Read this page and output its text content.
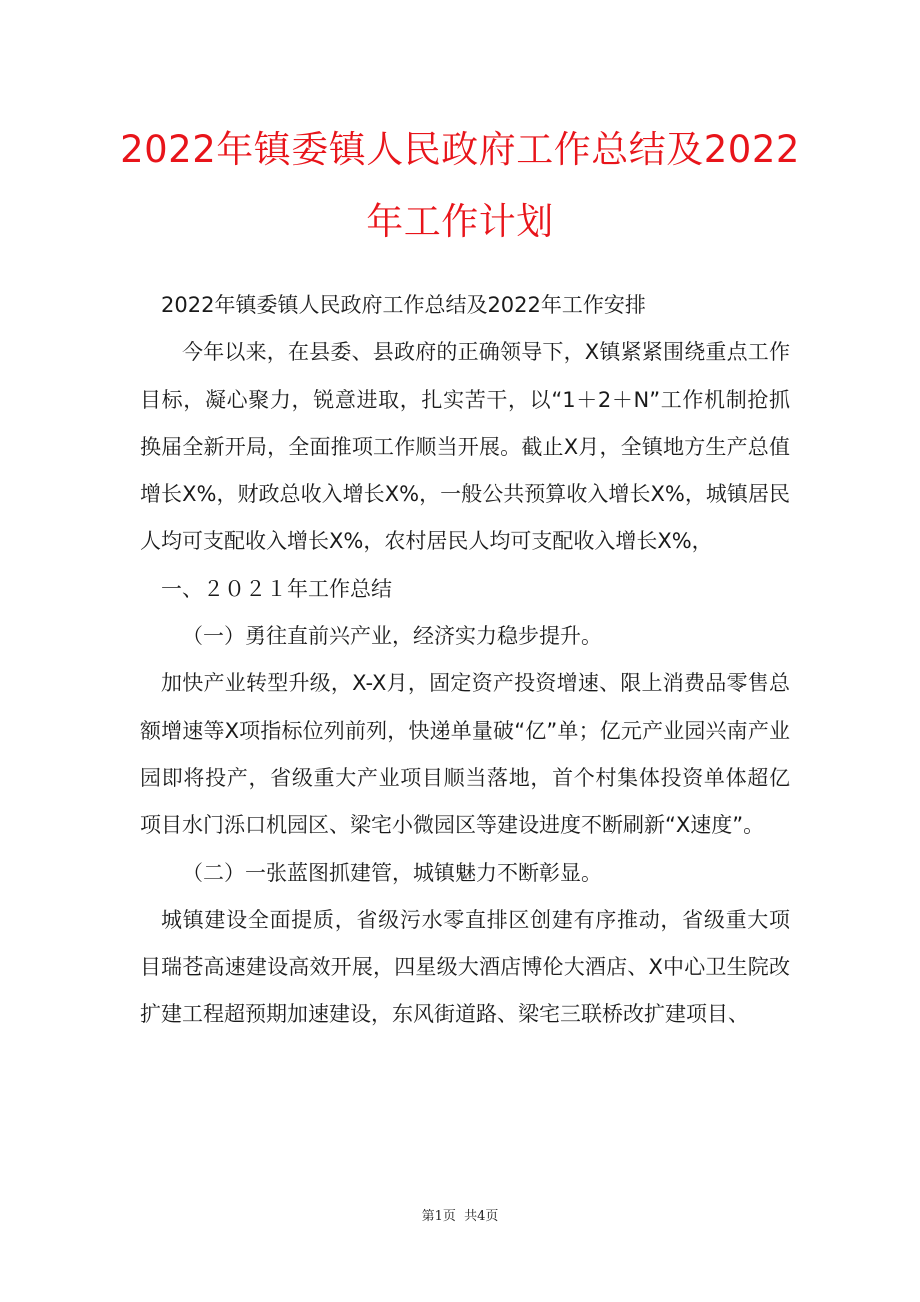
2022年镇委镇人民政府工作总结及2022
年工作计划

2022年镇委镇人民政府工作总结及2022年工作安排

今年以来，在县委、县政府的正确领导下，X镇紧紧围绕重点工作目标，凝心聚力，锐意进取，扎实苦干，以“1＋2＋N”工作机制抢抓换届全新开局，全面推项工作顺当开展。截止X月，全镇地方生产总值增长X%，财政总收入增长X%，一般公共预算收入增长X%，城镇居民人均可支配收入增长X%，农村居民人均可支配收入增长X%，

一、２０２１年工作总结

（一）勇往直前兴产业，经济实力稳步提升。

加快产业转型升级，X-X月，固定资产投资增速、限上消费品零售总额增速等X项指标位列前列，快递单量破“亿”单；亿元产业园兴南产业园即将投产，省级重大产业项目顺当落地，首个村集体投资单体超亿项目水门泺口机园区、梁宅小微园区等建设进度不断刷新“X速度”。

（二）一张蓝图抓建管，城镇魅力不断彰显。

城镇建设全面提质，省级污水零直排区创建有序推动，省级重大项目瑞苍高速建设高效开展，四星级大酒店博伦大酒店、X中心卫生院改扩建工程超预期加速建设，东风街道路、梁宅三联桥改扩建项目、

第1页 共4页
